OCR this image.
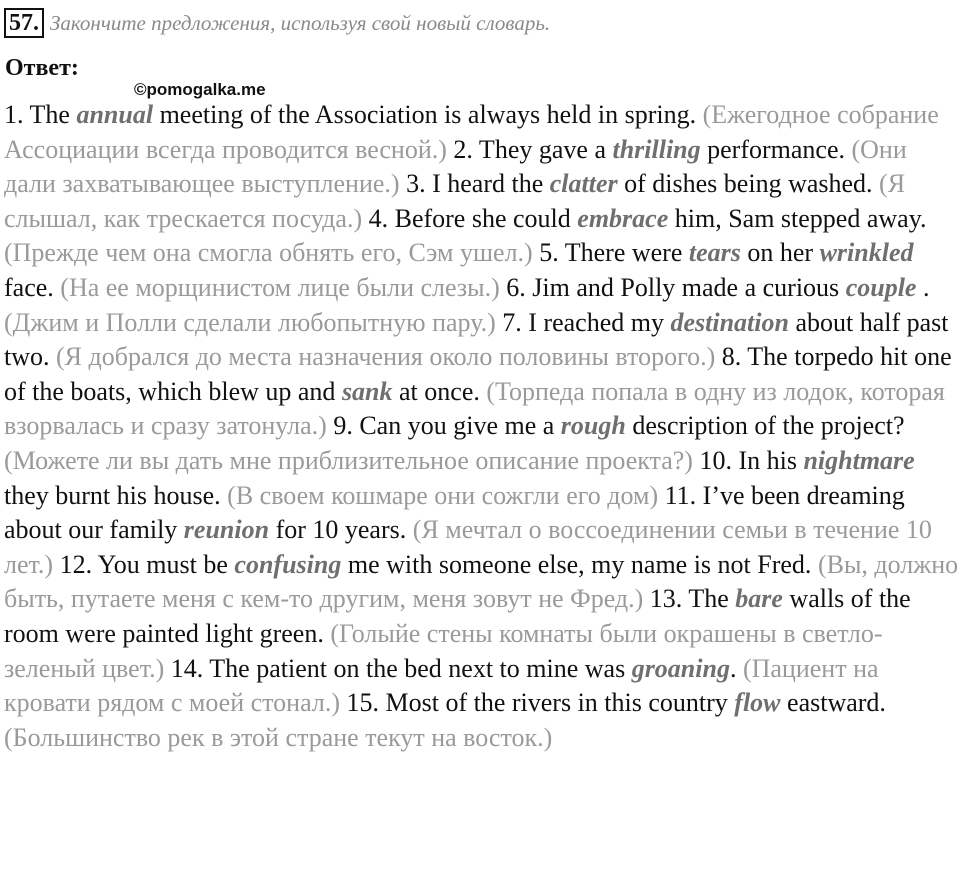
57. Закончите предложения, используя свой новый словарь.
Ответ:
©pomogalka.me
1. The annual meeting of the Association is always held in spring. (Ежегодное собрание Ассоциации всегда проводится весной.) 2. They gave a thrilling performance. (Они дали захватывающее выступление.) 3. I heard the clatter of dishes being washed. (Я слышал, как трескается посуда.) 4. Before she could embrace him, Sam stepped away. (Прежде чем она смогла обнять его, Сэм ушел.) 5. There were tears on her wrinkled face. (На ее морщинистом лице были слезы.) 6. Jim and Polly made a curious couple . (Джим и Полли сделали любопытную пару.) 7. I reached my destination about half past two. (Я добрался до места назначения около половины второго.) 8. The torpedo hit one of the boats, which blew up and sank at once. (Торпеда попала в одну из лодок, которая взорвалась и сразу затонула.) 9. Can you give me a rough description of the project? (Можете ли вы дать мне приблизительное описание проекта?) 10. In his nightmare they burnt his house. (В своем кошмаре они сожгли его дом) 11. I’ve been dreaming about our family reunion for 10 years. (Я мечтал о воссоединении семьи в течение 10 лет.) 12. You must be confusing me with someone else, my name is not Fred. (Вы, должно быть, путаете меня с кем-то другим, меня зовут не Фред.) 13. The bare walls of the room were painted light green. (Голыйе стены комнаты были окрашены в светло-зеленый цвет.) 14. The patient on the bed next to mine was groaning. (Пациент на кровати рядом с моей стонал.) 15. Most of the rivers in this country flow eastward. (Большинство рек в этой стране текут на восток.)
